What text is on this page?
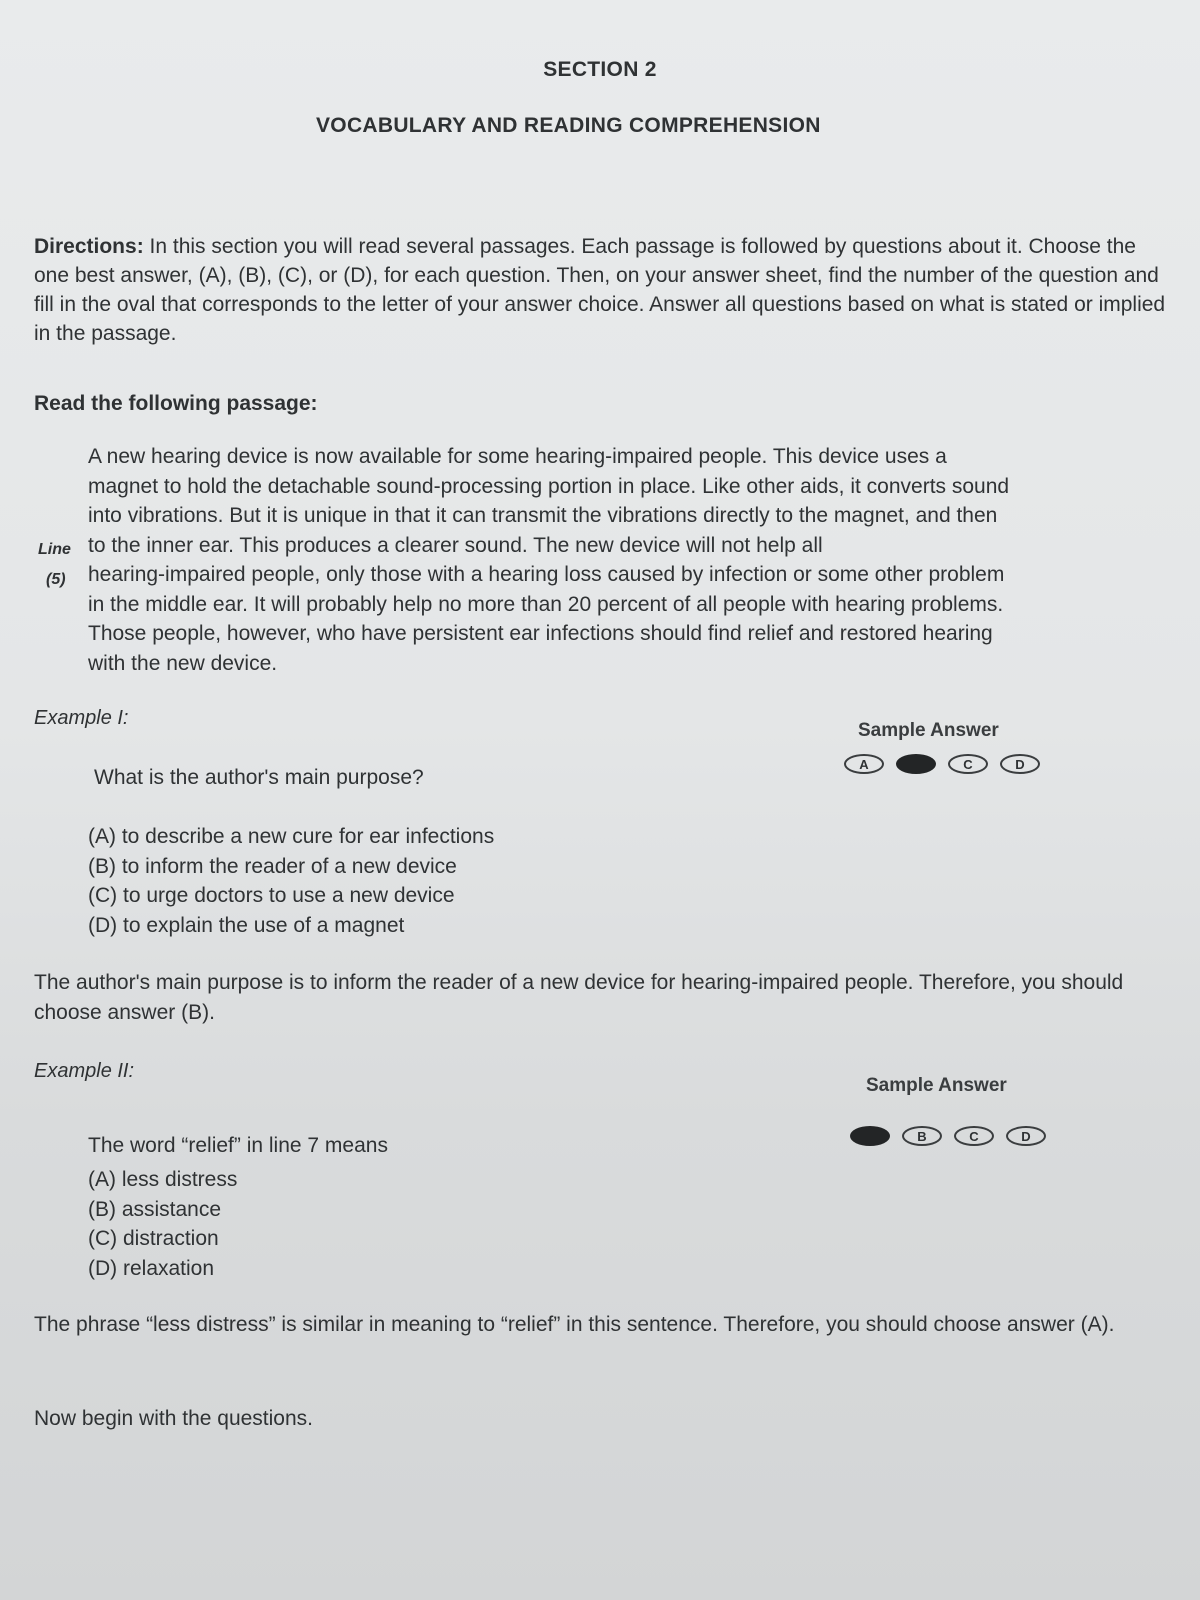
SECTION 2
VOCABULARY AND READING COMPREHENSION
Directions: In this section you will read several passages. Each passage is followed by questions about it. Choose the one best answer, (A), (B), (C), or (D), for each question. Then, on your answer sheet, find the number of the question and fill in the oval that corresponds to the letter of your answer choice. Answer all questions based on what is stated or implied in the passage.
Read the following passage:
A new hearing device is now available for some hearing-impaired people. This device uses a
magnet to hold the detachable sound-processing portion in place. Like other aids, it converts sound
into vibrations. But it is unique in that it can transmit the vibrations directly to the magnet, and then
to the inner ear. This produces a clearer sound. The new device will not help all
hearing-impaired people, only those with a hearing loss caused by infection or some other problem
in the middle ear. It will probably help no more than 20 percent of all people with hearing problems.
Those people, however, who have persistent ear infections should find relief and restored hearing
with the new device.
Line
(5)
Example I:
Sample Answer
A	C	D
What is the author's main purpose?
(A) to describe a new cure for ear infections
(B) to inform the reader of a new device
(C) to urge doctors to use a new device
(D) to explain the use of a magnet
The author's main purpose is to inform the reader of a new device for hearing-impaired people. Therefore, you should choose answer (B).
Example II:
Sample Answer
B	C	D
The word “relief” in line 7 means
(A) less distress
(B) assistance
(C) distraction
(D) relaxation
The phrase “less distress” is similar in meaning to “relief” in this sentence. Therefore, you should choose answer (A).
Now begin with the questions.
